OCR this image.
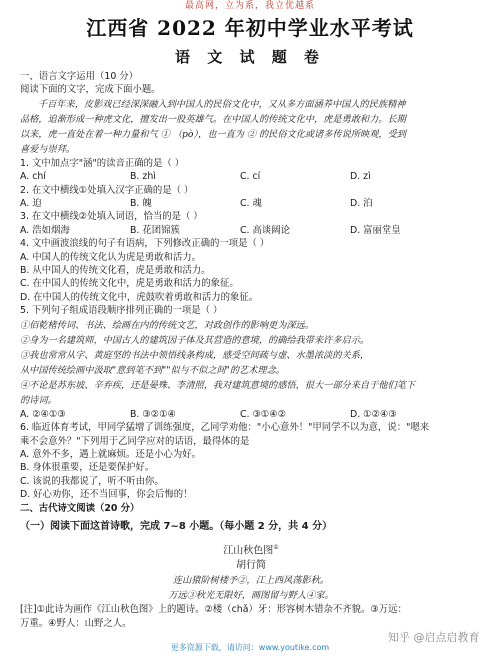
最高网，立为系，我立优越系
江西省 2022 年初中学业水平考试
语 文 试 题 卷
一、语言文字运用（10 分）
阅读下面的文字，完成下面小题。
千百年来，皮影戏已经深深融入到中国人的民俗文化中，又从多方面涵养中国人的民族精神
品格，追渐形成一种虎文化，擅发出一股英雄气。在中国人的传统文化中，虎是勇敢和力。长期
以来，虎一直处在着一种力量和气 ① （pò），也一直为 ② 的民俗文化或诸多传说所映观，受到
喜爱与崇拜。
1. 文中加点字"涵"的读音正确的是（ ）
A. chí	B. zhì	C. cí	D. zì
2. 在文中横线①处填入汉字正确的是（ ）
A. 迫	B. 魄	C. 魂	D. 泊
3. 在文中横线②处填入词语，恰当的是（ ）
A. 浩如烟海	B. 花团锦簇	C. 高谈阔论	D. 富丽堂皇
4. 文中画波浪线的句子有语病，下列修改正确的一项是（ ）
A. 中国人的传统文化认为虎是勇敢和活力。
B. 从中国人的传统文化看，虎是勇敢和活力。
C. 在中国人的传统文化中，虎是勇敢和活力的象征。
D. 在中国人的传统文化中，虎鼓吹着勇敢和活力的象征。
5. 下列句子组成语段顺序排列正确的一项是（ ）
①佰乾楮传词、书法、绘画在内的传统文艺，对政创作的影响更为深远。
②身为一名建筑师，中国古人的建筑因子体及其营造的意境，的确给我带来许多启示。
③我也常常从字、黄庭坚的书法中领悟线条构成，感受空间疏与虚、水墨浓淡的关系，
从中国传统绘画中汲取"意到笔不到""似与不似之间"的艺术理念。
④不论是苏东坡、辛弃疾，还是晏殊、李清照，我对建筑意境的感悟，很大一部分来自于他们笔下
的诗词。
A. ②④①③	B. ③②①④	C. ③①④②	D. ①②④③
6. 临近体育考试，甲同学猛增了训练强度，乙同学劝他："小心意外！"甲同学不以为意，说："嗯来
乘不会意外？"下列用于乙同学应对的话语，最得体的是
A. 意外不多，遇上就麻烦。还是小心为好。
B. 身体很重要，还是要保护好。
C. 该说的我都说了，听不听由你。
D. 好心劝你，还不当回事，你会后悔的！
二、古代诗文阅读（20 分）
（一）阅读下面这首诗歌，完成 7~8 小题。（每小题 2 分，共 4 分）
江山秋色图①
胡行简
连山猿阶树楼予②，江上西风荡影秋。
万远③秋光无限好，画图留与野人④家。
[注]①此诗为画作《江山秋色图》上的题诗。②楼（chǎ）牙：形容树木错杂不齐貌。③万远：
万重。④野人：山野之人。
知乎 @启点启教育
更多资源下载，请访问：www.youtike.com
